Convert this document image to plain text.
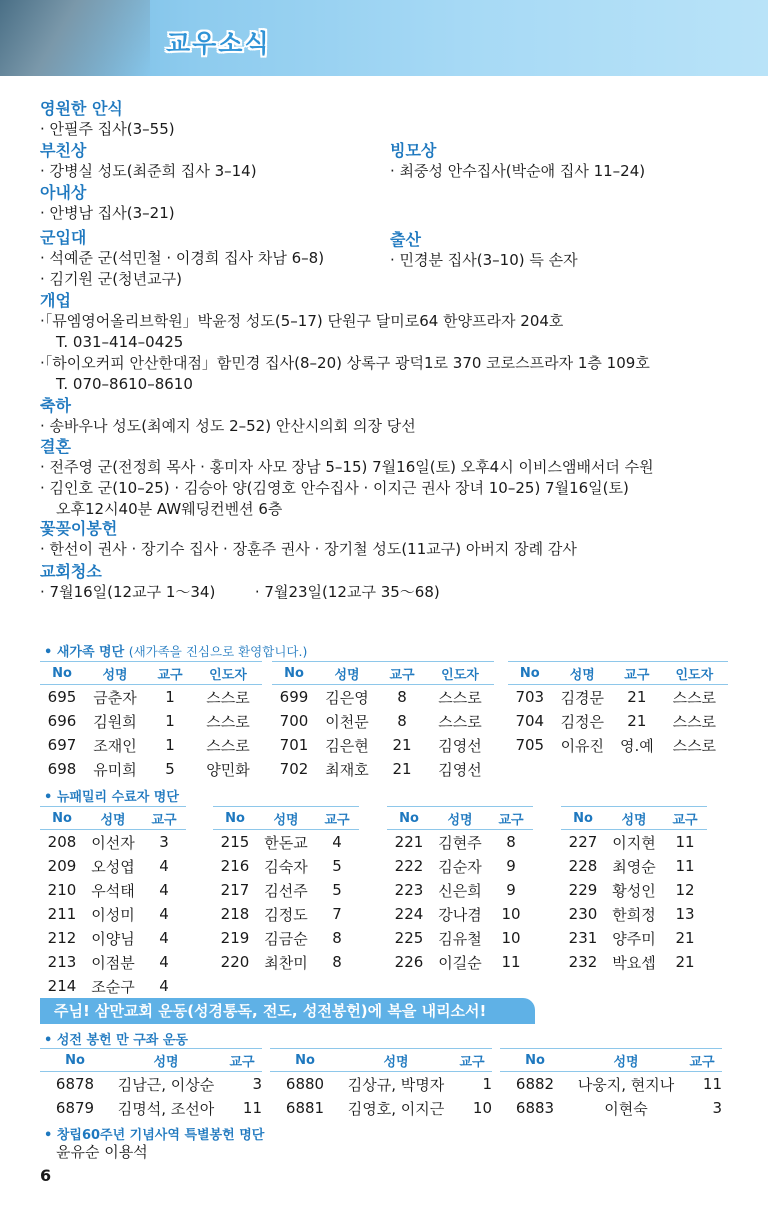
교우소식
영원한 안식
· 안필주 집사(3–55)
부친상
· 강병실 성도(최준희 집사 3–14)
빙모상
· 최중성 안수집사(박순애 집사 11–24)
아내상
· 안병남 집사(3–21)
군입대
· 석예준 군(석민철 · 이경희 집사 차남 6–8)
· 김기원 군(청년교구)
출산
· 민경분 집사(3–10) 득 손자
개업
·「뮤엠영어올리브학원」박윤정 성도(5–17) 단원구 달미로64 한양프라자 204호
T. 031–414–0425
·「하이오커피 안산한대점」함민경 집사(8–20) 상록구 광덕1로 370 코로스프라자 1층 109호
T. 070–8610–8610
축하
· 송바우나 성도(최예지 성도 2–52) 안산시의회 의장 당선
결혼
· 전주영 군(전정희 목사 · 홍미자 사모 장남 5–15) 7월16일(토) 오후4시 이비스앰배서더 수원
· 김인호 군(10–25) · 김승아 양(김영호 안수집사 · 이지근 권사 장녀 10–25) 7월16일(토)
오후12시40분 AW웨딩컨벤션 6층
꽃꽂이봉헌
· 한선이 권사 · 장기수 집사 · 장훈주 권사 · 장기철 성도(11교구) 아버지 장례 감사
교회청소
· 7월16일(12교구 1～34)	· 7월23일(12교구 35～68)
• 새가족 명단 (새가족을 진심으로 환영합니다.)
No	성명	교구	인도자
695	금춘자	1	스스로
696	김원희	1	스스로
697	조재인	1	스스로
698	유미희	5	양민화
No	성명	교구	인도자
699	김은영	8	스스로
700	이천문	8	스스로
701	김은현	21	김영선
702	최재호	21	김영선
No	성명	교구	인도자
703	김경문	21	스스로
704	김정은	21	스스로
705	이유진	영.예	스스로
• 뉴패밀리 수료자 명단
No	성명	교구
208	이선자	3
209	오성엽	4
210	우석태	4
211	이성미	4
212	이양님	4
213	이점분	4
214	조순구	4
No	성명	교구
215	한돈교	4
216	김숙자	5
217	김선주	5
218	김정도	7
219	김금순	8
220	최찬미	8
No	성명	교구
221	김현주	8
222	김순자	9
223	신은희	9
224	강나겸	10
225	김유철	10
226	이길순	11
No	성명	교구
227	이지현	11
228	최영순	11
229	황성인	12
230	한희정	13
231	양주미	21
232	박요셉	21
주님! 삼만교회 운동(성경통독, 전도, 성전봉헌)에 복을 내리소서!
• 성전 봉헌 만 구좌 운동
No	성명	교구
6878	김남근, 이상순	3
6879	김명석, 조선아	11
No	성명	교구
6880	김상규, 박명자	1
6881	김영호, 이지근	10
No	성명	교구
6882	나웅지, 현지나	11
6883	이현숙	3
• 창립60주년 기념사역 특별봉헌 명단
윤유순 이용석
6
